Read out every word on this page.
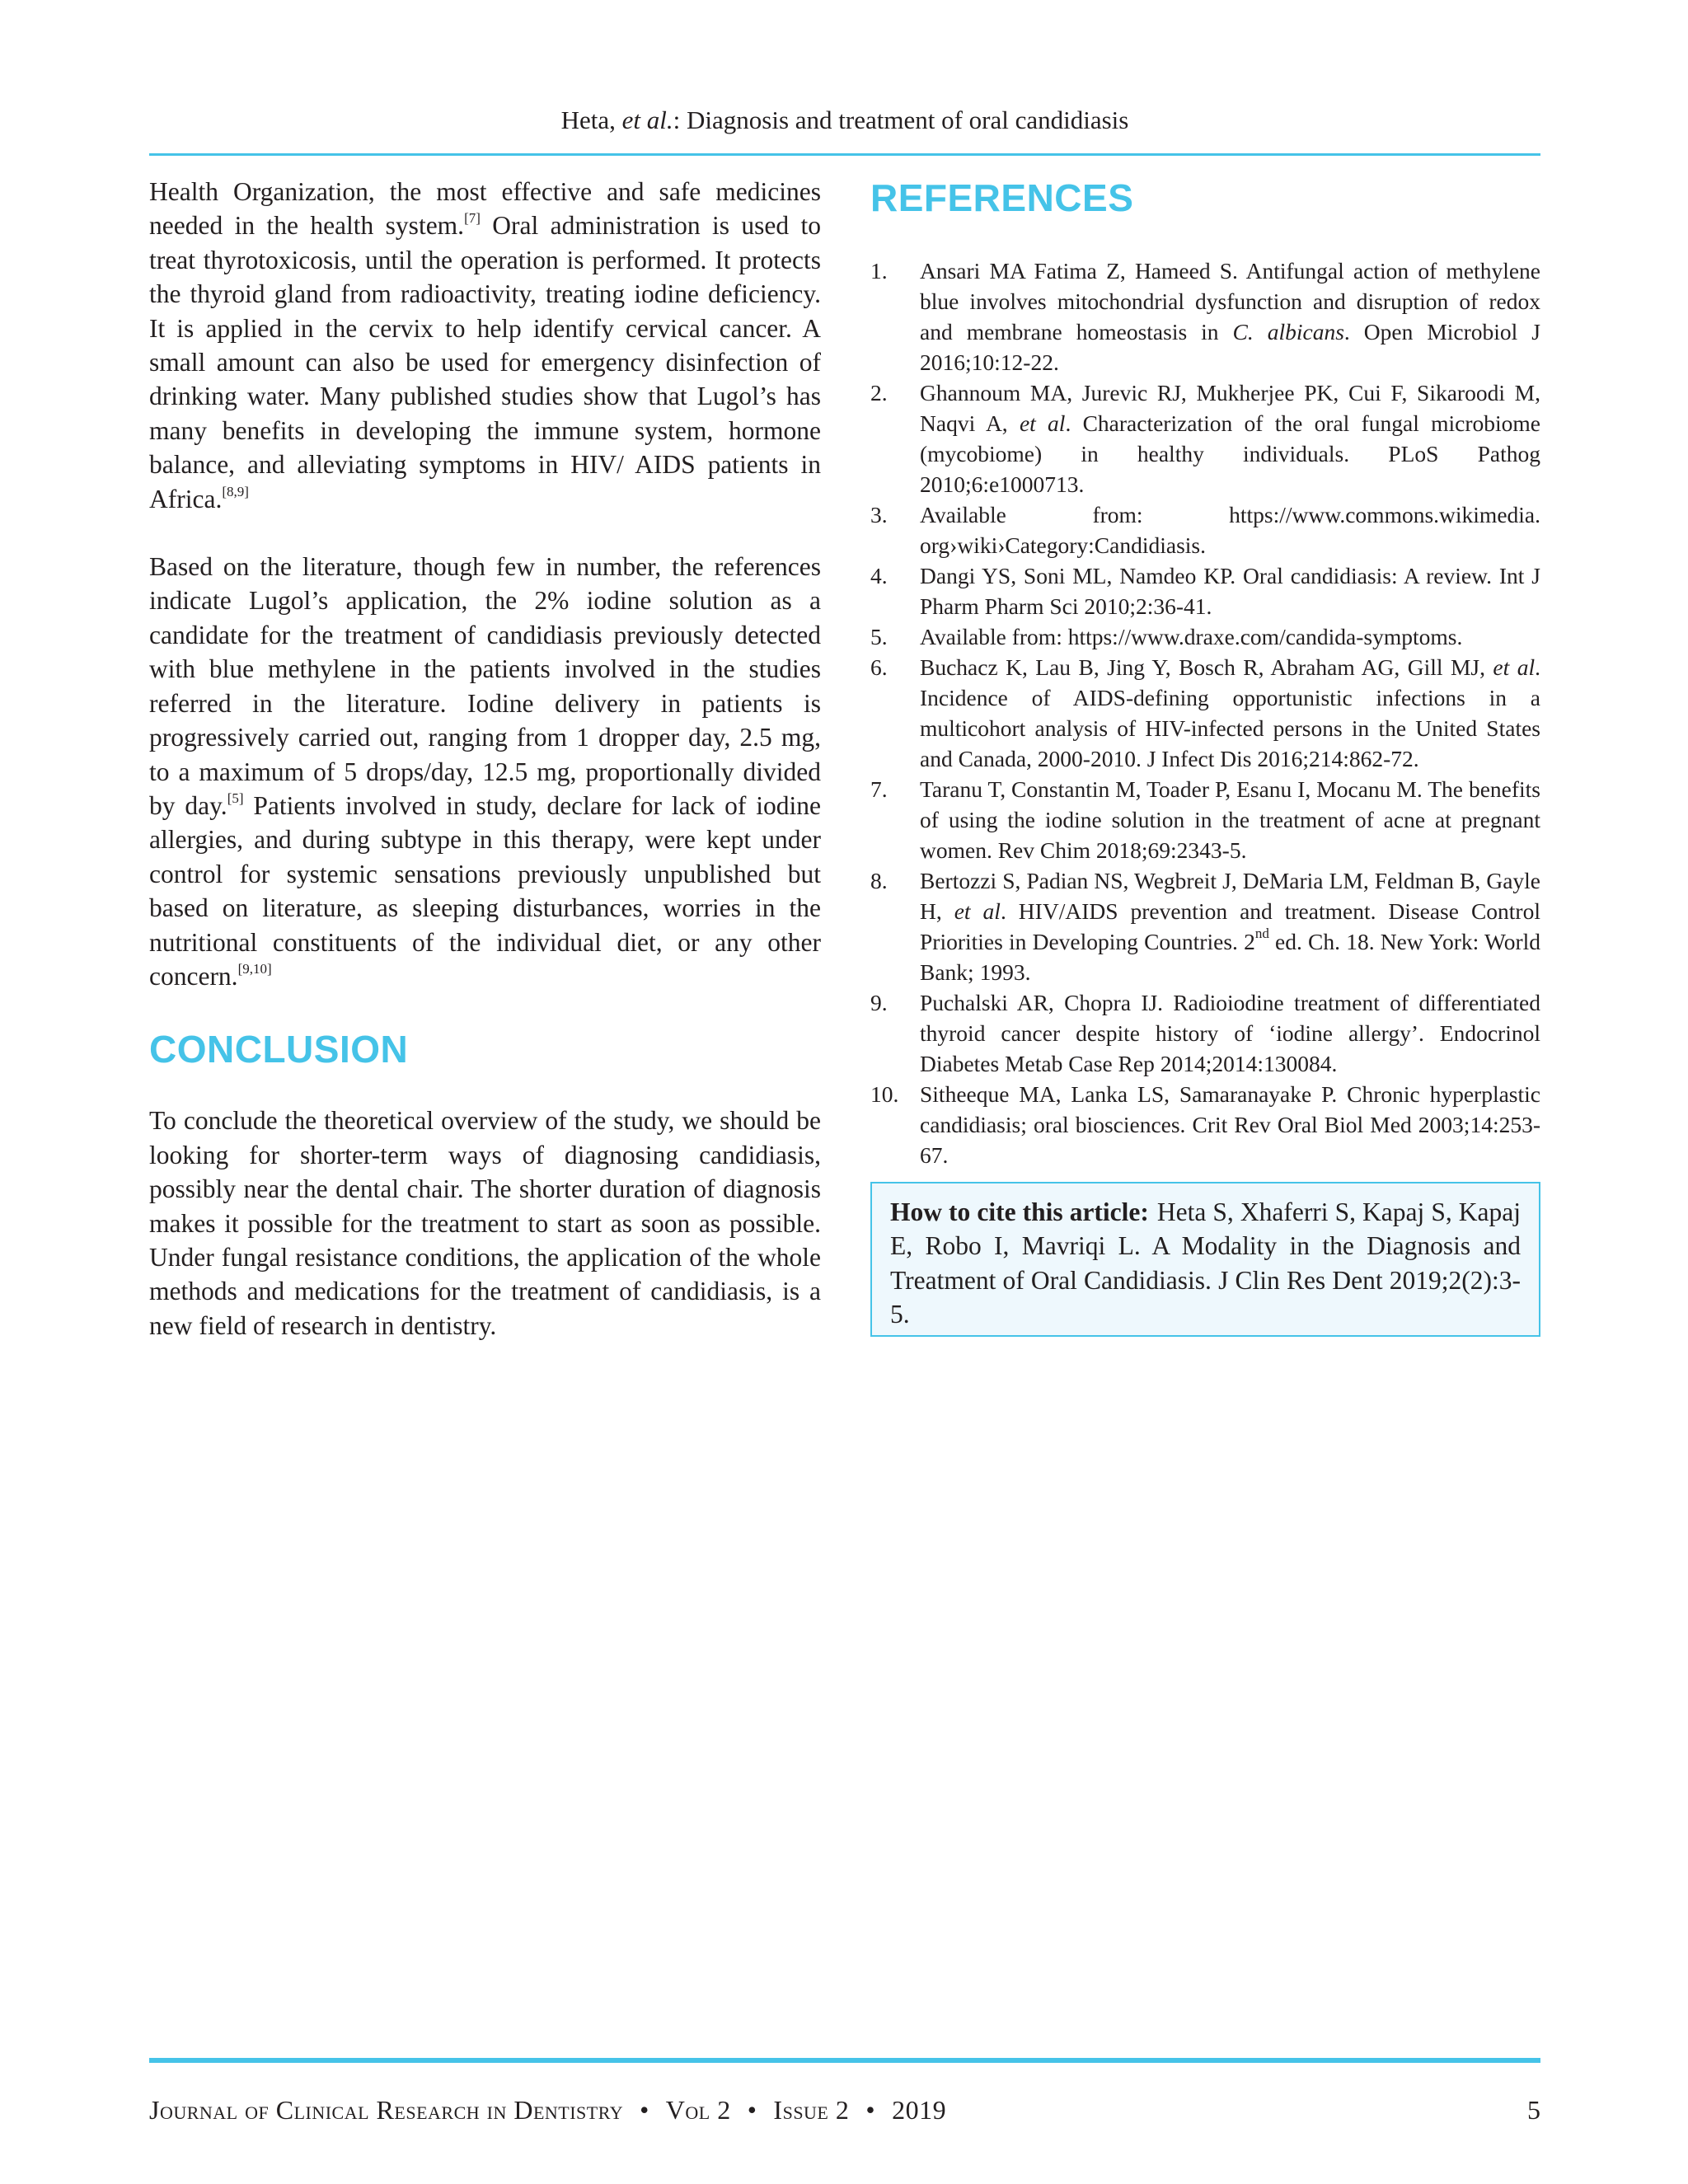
Heta, et al.: Diagnosis and treatment of oral candidiasis

Health Organization, the most effective and safe medicines needed in the health system.[7] Oral administration is used to treat thyrotoxicosis, until the operation is performed. It protects the thyroid gland from radioactivity, treating iodine deficiency. It is applied in the cervix to help identify cervical cancer. A small amount can also be used for emergency disinfection of drinking water. Many published studies show that Lugol’s has many benefits in developing the immune system, hormone balance, and alleviating symptoms in HIV/ AIDS patients in Africa.[8,9]

Based on the literature, though few in number, the references indicate Lugol’s application, the 2% iodine solution as a candidate for the treatment of candidiasis previously detected with blue methylene in the patients involved in the studies referred in the literature. Iodine delivery in patients is progressively carried out, ranging from 1 dropper day, 2.5 mg, to a maximum of 5 drops/day, 12.5 mg, proportionally divided by day.[5] Patients involved in study, declare for lack of iodine allergies, and during subtype in this therapy, were kept under control for systemic sensations previously unpublished but based on literature, as sleeping disturbances, worries in the nutritional constituents of the individual diet, or any other concern.[9,10]

CONCLUSION

To conclude the theoretical overview of the study, we should be looking for shorter-term ways of diagnosing candidiasis, possibly near the dental chair. The shorter duration of diagnosis makes it possible for the treatment to start as soon as possible. Under fungal resistance conditions, the application of the whole methods and medications for the treatment of candidiasis, is a new field of research in dentistry.

REFERENCES
1.	Ansari MA Fatima Z, Hameed S. Antifungal action of methylene blue involves mitochondrial dysfunction and disruption of redox and membrane homeostasis in C. albicans. Open Microbiol J 2016;10:12-22.
2.	Ghannoum MA, Jurevic RJ, Mukherjee PK, Cui F, Sikaroodi M, Naqvi A, et al. Characterization of the oral fungal microbiome (mycobiome) in healthy individuals. PLoS Pathog 2010;6:e1000713.
3.	Available from: https://www.commons.wikimedia. org›wiki›Category:Candidiasis.
4.	Dangi YS, Soni ML, Namdeo KP. Oral candidiasis: A review. Int J Pharm Pharm Sci 2010;2:36-41.
5.	Available from: https://www.draxe.com/candida-symptoms.
6.	Buchacz K, Lau B, Jing Y, Bosch R, Abraham AG, Gill MJ, et al. Incidence of AIDS-defining opportunistic infections in a multicohort analysis of HIV-infected persons in the United States and Canada, 2000-2010. J Infect Dis 2016;214:862-72.
7.	Taranu T, Constantin M, Toader P, Esanu I, Mocanu M. The benefits of using the iodine solution in the treatment of acne at pregnant women. Rev Chim 2018;69:2343-5.
8.	Bertozzi S, Padian NS, Wegbreit J, DeMaria LM, Feldman B, Gayle H, et al. HIV/AIDS prevention and treatment. Disease Control Priorities in Developing Countries. 2nd ed. Ch. 18. New York: World Bank; 1993.
9.	Puchalski AR, Chopra IJ. Radioiodine treatment of differentiated thyroid cancer despite history of ‘iodine allergy’. Endocrinol Diabetes Metab Case Rep 2014;2014:130084.
10. Sitheeque MA, Lanka LS, Samaranayake P. Chronic hyperplastic candidiasis; oral biosciences. Crit Rev Oral Biol Med 2003;14:253-67.
How to cite this article: Heta S, Xhaferri S, Kapaj S, Kapaj E, Robo I, Mavriqi L. A Modality in the Diagnosis and Treatment of Oral Candidiasis. J Clin Res Dent 2019;2(2):3-5.
Journal of Clinical Research in Dentistry • Vol 2 • Issue 2 • 2019	5
